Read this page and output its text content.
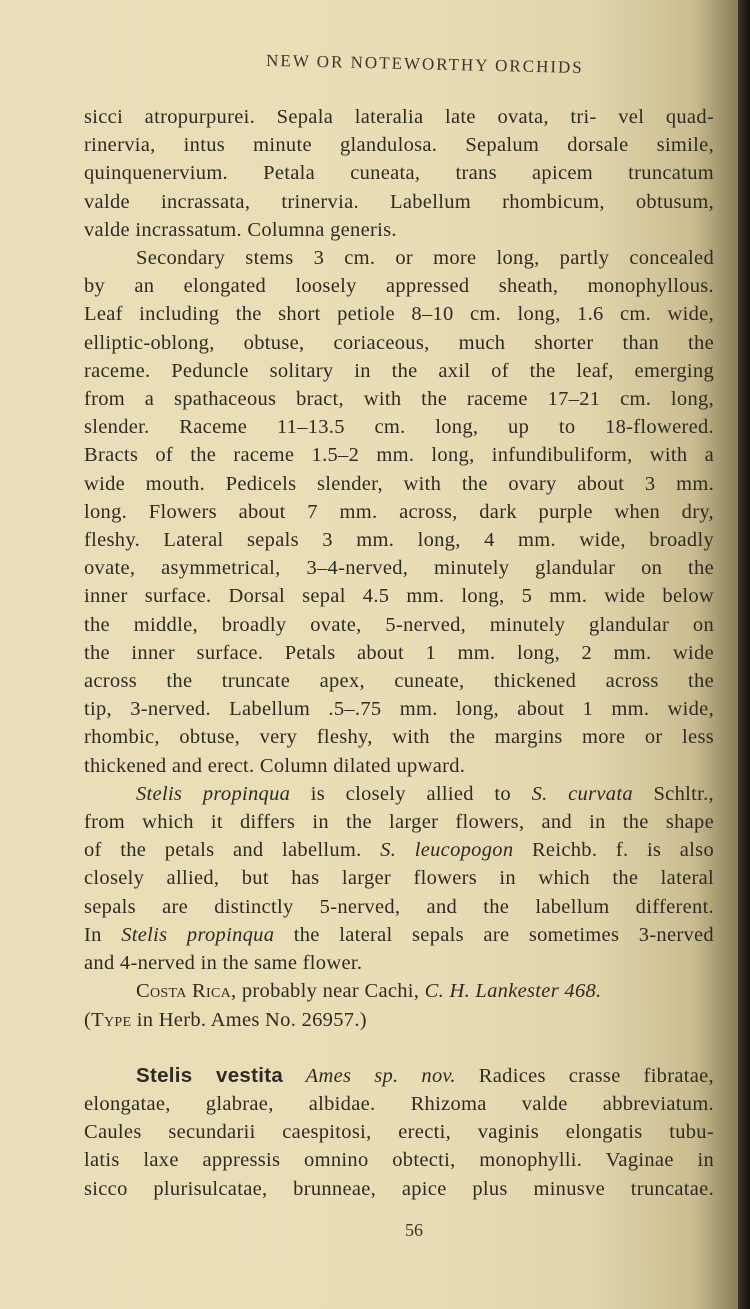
NEW OR NOTEWORTHY ORCHIDS
sicci atropurpurei. Sepala lateralia late ovata, tri- vel quad-
rinervia, intus minute glandulosa. Sepalum dorsale simile,
quinquenervium. Petala cuneata, trans apicem truncatum
valde incrassata, trinervia. Labellum rhombicum, obtusum,
valde incrassatum. Columna generis.
Secondary stems 3 cm. or more long, partly concealed
by an elongated loosely appressed sheath, monophyllous.
Leaf including the short petiole 8–10 cm. long, 1.6 cm. wide,
elliptic-oblong, obtuse, coriaceous, much shorter than the
raceme. Peduncle solitary in the axil of the leaf, emerging
from a spathaceous bract, with the raceme 17–21 cm. long,
slender. Raceme 11–13.5 cm. long, up to 18-flowered.
Bracts of the raceme 1.5–2 mm. long, infundibuliform, with a
wide mouth. Pedicels slender, with the ovary about 3 mm.
long. Flowers about 7 mm. across, dark purple when dry,
fleshy. Lateral sepals 3 mm. long, 4 mm. wide, broadly
ovate, asymmetrical, 3–4-nerved, minutely glandular on the
inner surface. Dorsal sepal 4.5 mm. long, 5 mm. wide below
the middle, broadly ovate, 5-nerved, minutely glandular on
the inner surface. Petals about 1 mm. long, 2 mm. wide
across the truncate apex, cuneate, thickened across the
tip, 3-nerved. Labellum .5–.75 mm. long, about 1 mm. wide,
rhombic, obtuse, very fleshy, with the margins more or less
thickened and erect. Column dilated upward.
Stelis propinqua is closely allied to S. curvata Schltr.,
from which it differs in the larger flowers, and in the shape
of the petals and labellum. S. leucopogon Reichb. f. is also
closely allied, but has larger flowers in which the lateral
sepals are distinctly 5-nerved, and the labellum different.
In Stelis propinqua the lateral sepals are sometimes 3-nerved
and 4-nerved in the same flower.
Costa Rica, probably near Cachi, C. H. Lankester 468.
(Type in Herb. Ames No. 26957.)
Stelis vestita Ames sp. nov. Radices crasse fibratae,
elongatae, glabrae, albidae. Rhizoma valde abbreviatum.
Caules secundarii caespitosi, erecti, vaginis elongatis tubu-
latis laxe appressis omnino obtecti, monophylli. Vaginae in
sicco plurisulcatae, brunneae, apice plus minusve truncatae.
56
